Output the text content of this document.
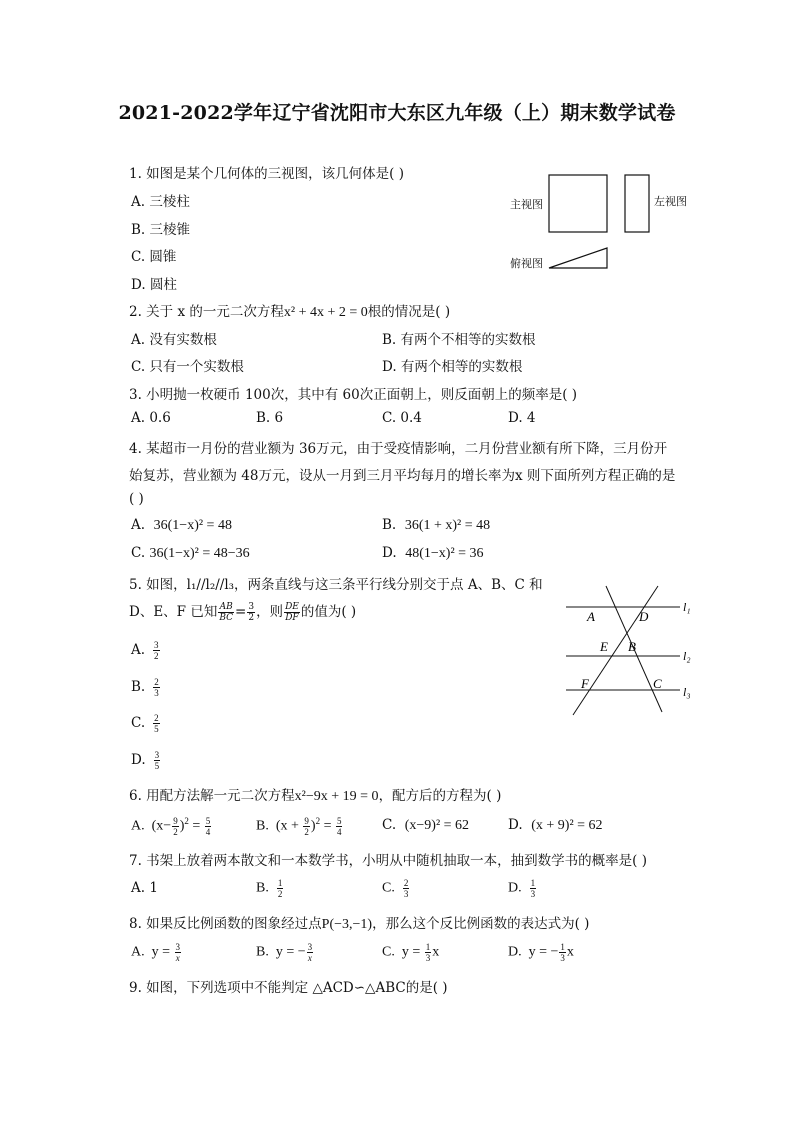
2021-2022学年辽宁省沈阳市大东区九年级（上）期末数学试卷
1. 如图是某个几何体的三视图，该几何体是( )
A. 三棱柱
B. 三棱锥
C. 圆锥
D. 圆柱
主视图	左视图
俯视图
2. 关于 x 的一元二次方程x² + 4x + 2 = 0根的情况是( )
A. 没有实数根	B. 有两个不相等的实数根
C. 只有一个实数根	D. 有两个相等的实数根
3. 小明抛一枚硬币 100次，其中有 60次正面朝上，则反面朝上的频率是( )
A. 0.6	B. 6	C. 0.4	D. 4
4. 某超市一月份的营业额为 36万元，由于受疫情影响，二月份营业额有所下降，三月份开
始复苏，营业额为 48万元，设从一月到三月平均每月的增长率为x 则下面所列方程正确的是
( )
A. 36(1−x)² = 48	B. 36(1 + x)² = 48
C. 36(1−x)² = 48−36	D. 48(1−x)² = 36
5. 如图，l₁//l₂//l₃，两条直线与这三条平行线分别交于点 A、B、C 和
D、E、F 已知 $\frac{AB}{BC} = \frac{3}{2}$ ，则 $\frac{DE}{DF}$ 的值为( )
A. $\frac{3}{2}$
B. $\frac{2}{3}$
C. $\frac{2}{5}$
D. $\frac{3}{5}$
A	D
E B
F	C
l₁
l₂
l₃
6. 用配方法解一元二次方程x²−9x + 19 = 0，配方后的方程为( )
A.  $(x- \frac{9}{2} )^2 = \frac{5}{4}$	B.  $(x + \frac{9}{2} )^2 = \frac{5}{4}$	C. (x−9)² = 62	D. (x + 9)² = 62
7. 书架上放着两本散文和一本数学书，小明从中随机抽取一本，抽到数学书的概率是( )
A. 1	B. $\frac{1}{2}$	C. $\frac{2}{3}$	D. $\frac{1}{3}$
8. 如果反比例函数的图象经过点P(−3,−1)，那么这个反比例函数的表达式为( )
A.  $y = \frac{3}{x}$	B.  y = − $\frac{3}{x}$	C.  $y = \frac{1}{3}$ x	D.  y = − $\frac{1}{3}$ x
9. 如图，下列选项中不能判定 △ACD∽△ABC的是( )
